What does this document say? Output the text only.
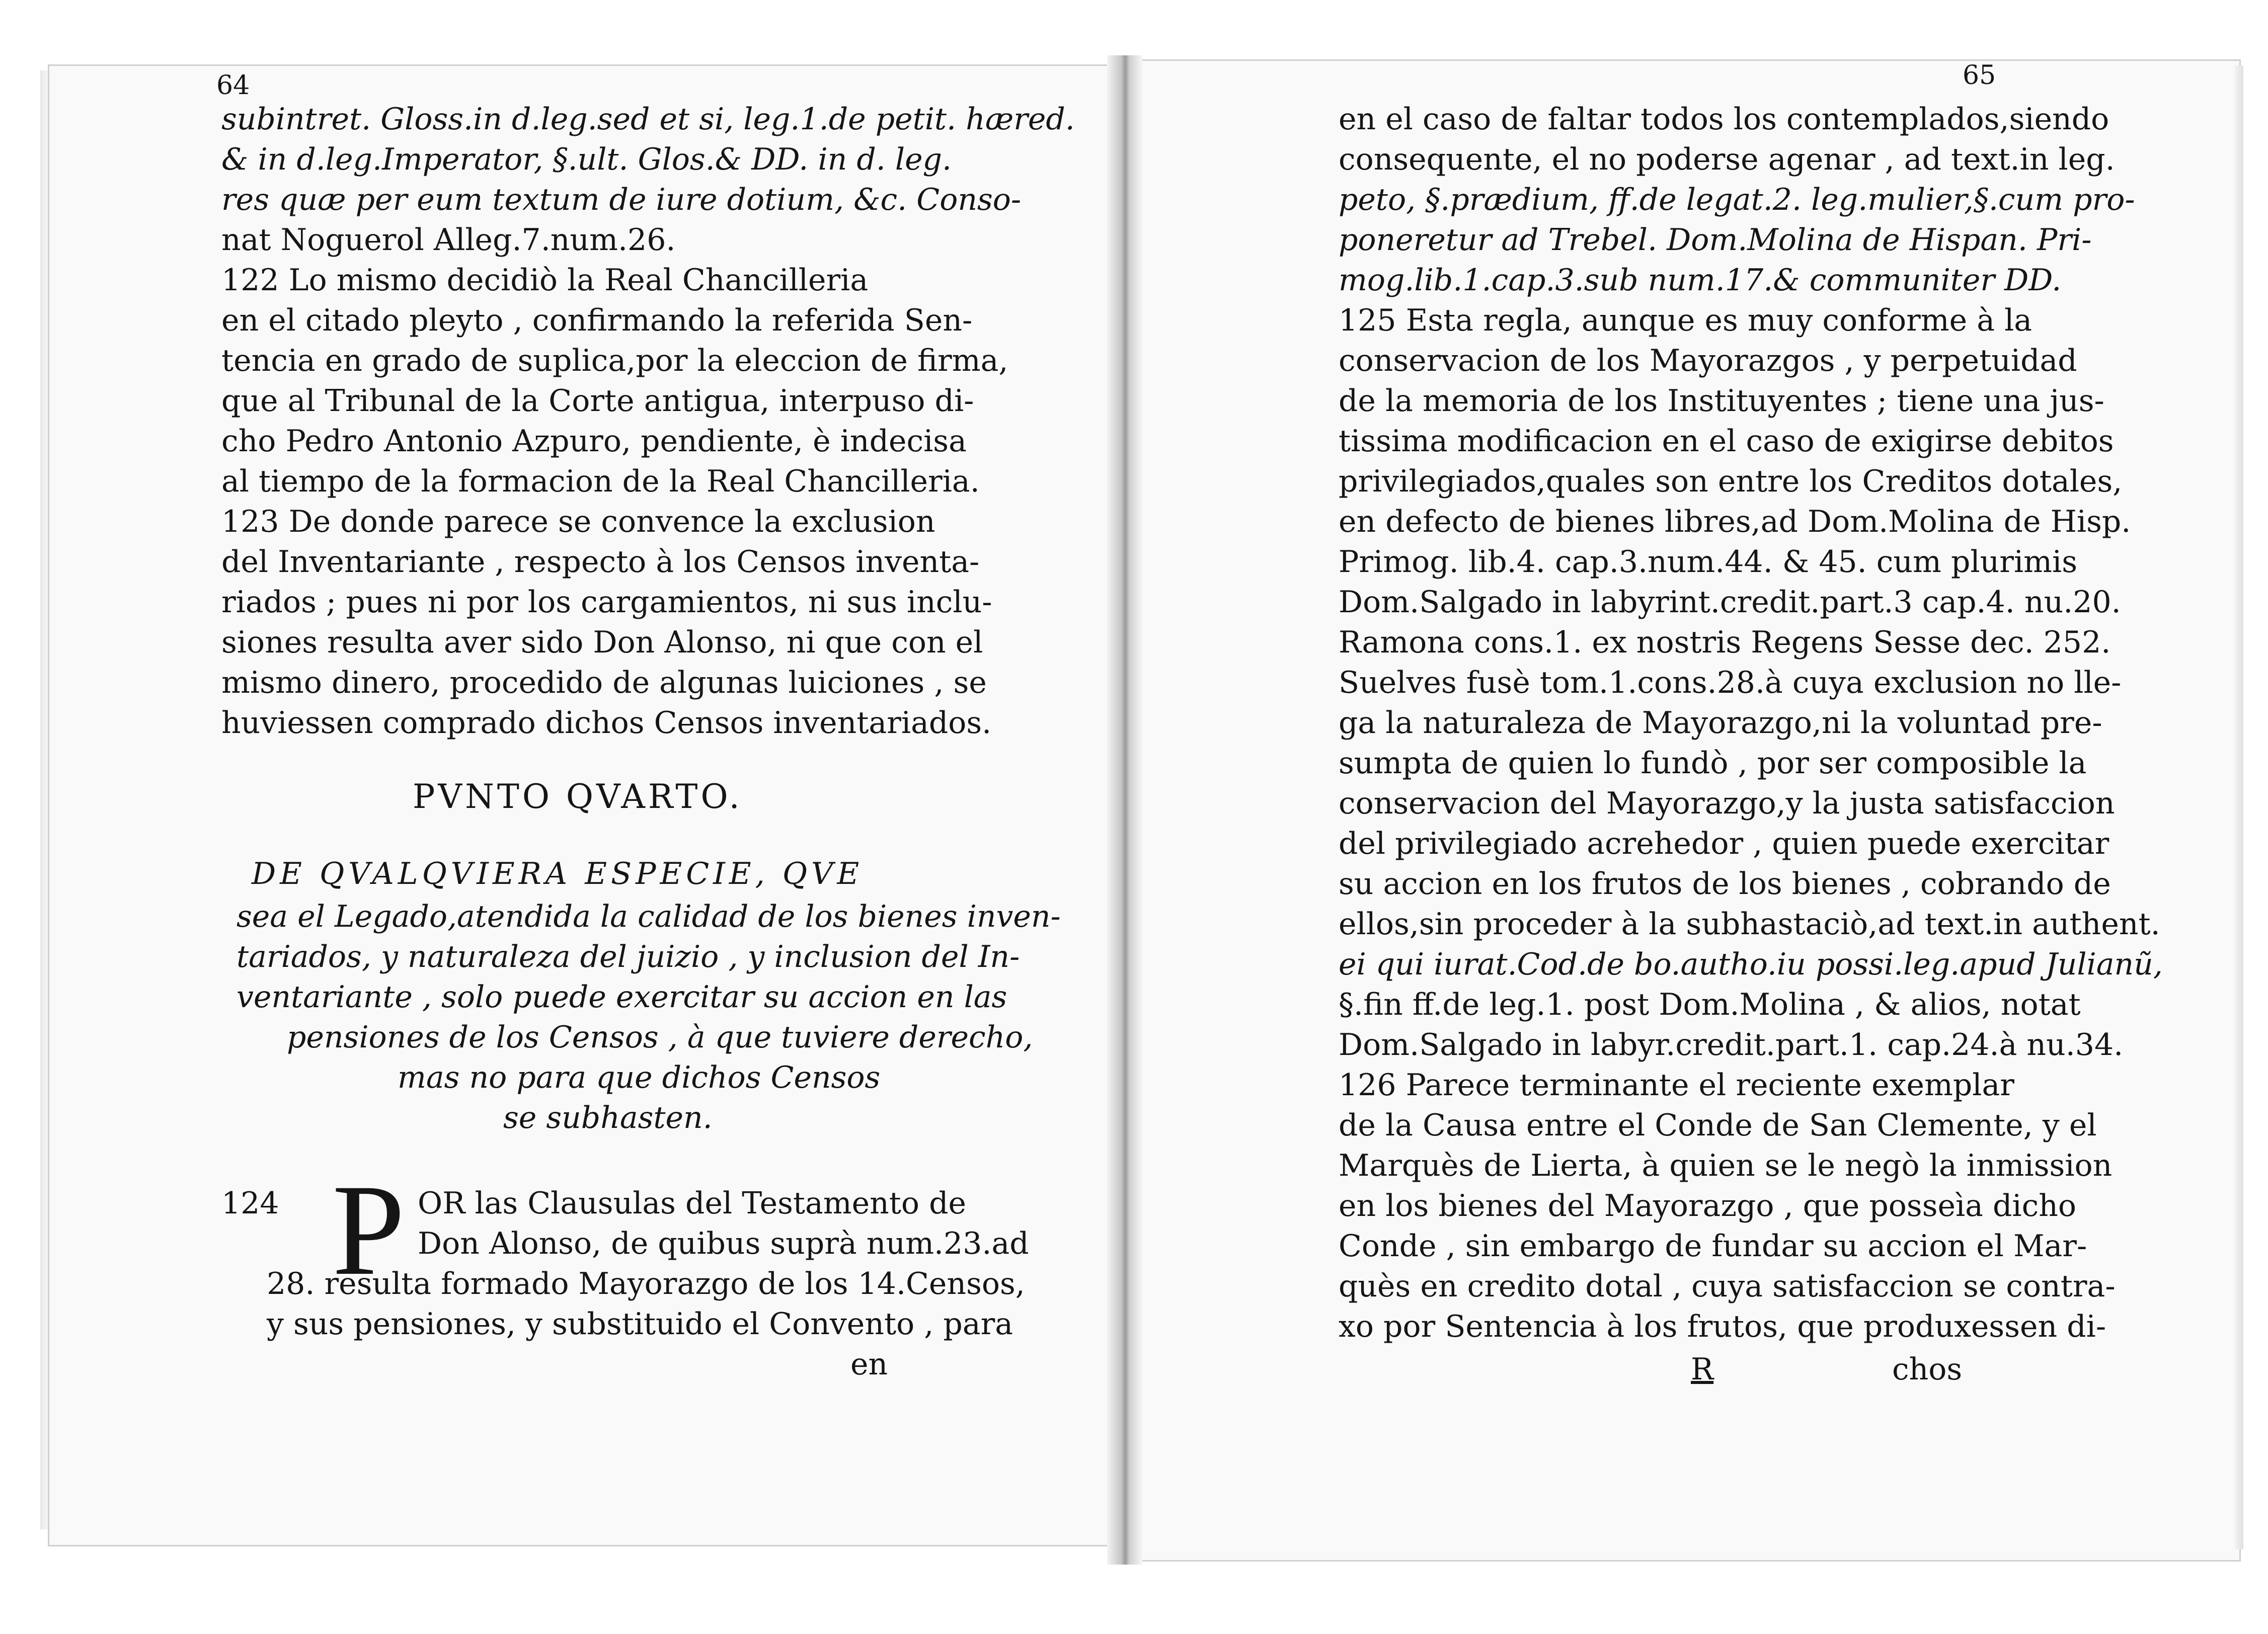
64
subintret. Gloss.in d.leg.sed et si, leg.1.de petit. hæred.
& in d.leg.Imperator, §.ult. Glos.& DD. in d. leg.
res quæ per eum textum de iure dotium, &c. Conso-
nat Noguerol Alleg.7.num.26.
122 Lo mismo decidiò la Real Chancilleria
en el citado pleyto , confirmando la referida Sen-
tencia en grado de suplica,por la eleccion de firma,
que al Tribunal de la Corte antigua, interpuso di-
cho Pedro Antonio Azpuro, pendiente, è indecisa
al tiempo de la formacion de la Real Chancilleria.
123 De donde parece se convence la exclusion
del Inventariante , respecto à los Censos inventa-
riados ; pues ni por los cargamientos, ni sus inclu-
siones resulta aver sido Don Alonso, ni que con el
mismo dinero, procedido de algunas luiciones , se
huviessen comprado dichos Censos inventariados.
PVNTO QVARTO.
DE QVALQVIERA ESPECIE, QVE
sea el Legado,atendida la calidad de los bienes inven-
tariados, y naturaleza del juizio , y inclusion del In-
ventariante , solo puede exercitar su accion en las
pensiones de los Censos , à que tuviere derecho,
mas no para que dichos Censos
se subhasten.
124 P OR las Clausulas del Testamento de
Don Alonso, de quibus suprà num.23.ad
28. resulta formado Mayorazgo de los 14.Censos,
y sus pensiones, y substituido el Convento , para
en
65
en el caso de faltar todos los contemplados,siendo
consequente, el no poderse agenar , ad text.in leg.
peto, §.prædium, ff.de legat.2. leg.mulier,§.cum pro-
poneretur ad Trebel. Dom.Molina de Hispan. Pri-
mog.lib.1.cap.3.sub num.17.& communiter DD.
125 Esta regla, aunque es muy conforme à la
conservacion de los Mayorazgos , y perpetuidad
de la memoria de los Instituyentes ; tiene una jus-
tissima modificacion en el caso de exigirse debitos
privilegiados,quales son entre los Creditos dotales,
en defecto de bienes libres,ad Dom.Molina de Hisp.
Primog. lib.4. cap.3.num.44. & 45. cum plurimis
Dom.Salgado in labyrint.credit.part.3 cap.4. nu.20.
Ramona cons.1. ex nostris Regens Sesse dec. 252.
Suelves fusè tom.1.cons.28.à cuya exclusion no lle-
ga la naturaleza de Mayorazgo,ni la voluntad pre-
sumpta de quien lo fundò , por ser composible la
conservacion del Mayorazgo,y la justa satisfaccion
del privilegiado acrehedor , quien puede exercitar
su accion en los frutos de los bienes , cobrando de
ellos,sin proceder à la subhastaciò,ad text.in authent.
ei qui iurat.Cod.de bo.autho.iu possi.leg.apud Julianũ,
§.fin ff.de leg.1. post Dom.Molina , & alios, notat
Dom.Salgado in labyr.credit.part.1. cap.24.à nu.34.
126 Parece terminante el reciente exemplar
de la Causa entre el Conde de San Clemente, y el
Marquès de Lierta, à quien se le negò la inmission
en los bienes del Mayorazgo , que posseìa dicho
Conde , sin embargo de fundar su accion el Mar-
quès en credito dotal , cuya satisfaccion se contra-
xo por Sentencia à los frutos, que produxessen di-
R	chos
